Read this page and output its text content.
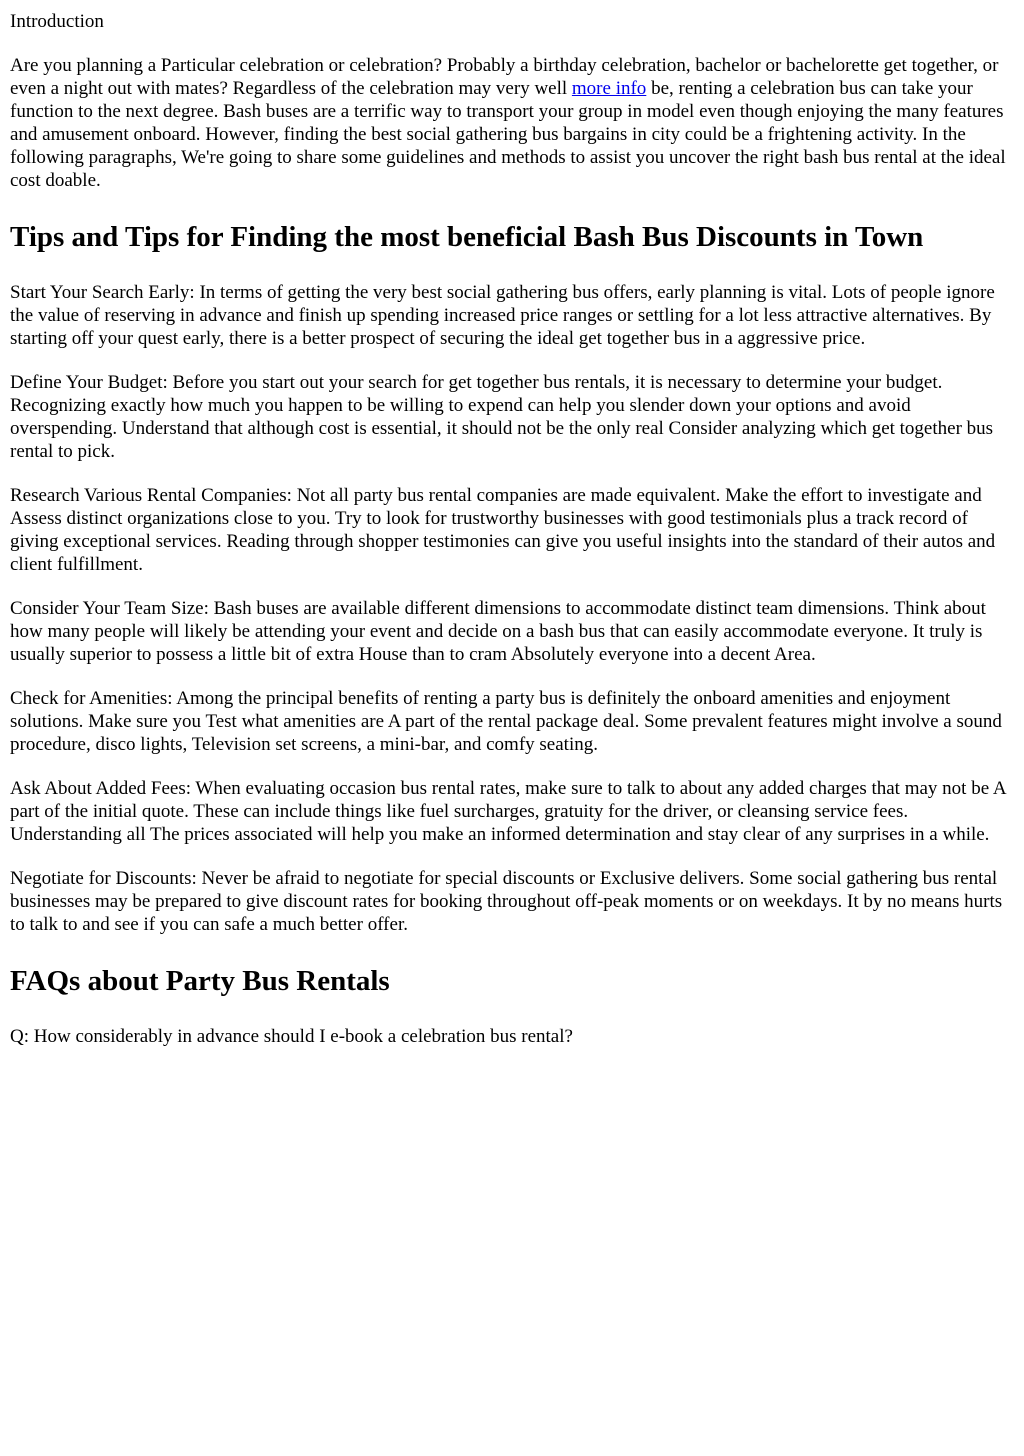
Introduction

Are you planning a Particular celebration or celebration? Probably a birthday celebration, bachelor or bachelorette get together, or even a night out with mates? Regardless of the celebration may very well more info be, renting a celebration bus can take your function to the next degree. Bash buses are a terrific way to transport your group in model even though enjoying the many features and amusement onboard. However, finding the best social gathering bus bargains in city could be a frightening activity. In the following paragraphs, We're going to share some guidelines and methods to assist you uncover the right bash bus rental at the ideal cost doable.

Tips and Tips for Finding the most beneficial Bash Bus Discounts in Town

Start Your Search Early: In terms of getting the very best social gathering bus offers, early planning is vital. Lots of people ignore the value of reserving in advance and finish up spending increased price ranges or settling for a lot less attractive alternatives. By starting off your quest early, there is a better prospect of securing the ideal get together bus in a aggressive price.

Define Your Budget: Before you start out your search for get together bus rentals, it is necessary to determine your budget. Recognizing exactly how much you happen to be willing to expend can help you slender down your options and avoid overspending. Understand that although cost is essential, it should not be the only real Consider analyzing which get together bus rental to pick.

Research Various Rental Companies: Not all party bus rental companies are made equivalent. Make the effort to investigate and Assess distinct organizations close to you. Try to look for trustworthy businesses with good testimonials plus a track record of giving exceptional services. Reading through shopper testimonies can give you useful insights into the standard of their autos and client fulfillment.

Consider Your Team Size: Bash buses are available different dimensions to accommodate distinct team dimensions. Think about how many people will likely be attending your event and decide on a bash bus that can easily accommodate everyone. It truly is usually superior to possess a little bit of extra House than to cram Absolutely everyone into a decent Area.

Check for Amenities: Among the principal benefits of renting a party bus is definitely the onboard amenities and enjoyment solutions. Make sure you Test what amenities are A part of the rental package deal. Some prevalent features might involve a sound procedure, disco lights, Television set screens, a mini-bar, and comfy seating.

Ask About Added Fees: When evaluating occasion bus rental rates, make sure to talk to about any added charges that may not be A part of the initial quote. These can include things like fuel surcharges, gratuity for the driver, or cleansing service fees. Understanding all The prices associated will help you make an informed determination and stay clear of any surprises in a while.

Negotiate for Discounts: Never be afraid to negotiate for special discounts or Exclusive delivers. Some social gathering bus rental businesses may be prepared to give discount rates for booking throughout off-peak moments or on weekdays. It by no means hurts to talk to and see if you can safe a much better offer.

FAQs about Party Bus Rentals

Q: How considerably in advance should I e-book a celebration bus rental?
